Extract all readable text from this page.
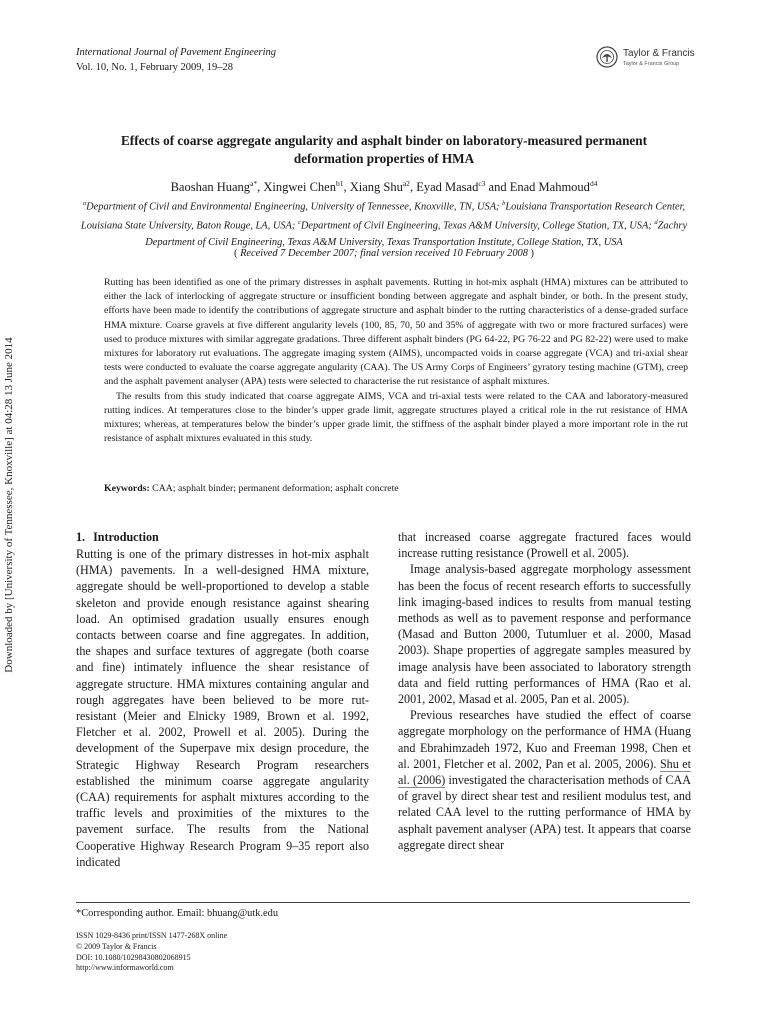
Downloaded by [University of Tennessee, Knoxville] at 04:28 13 June 2014
International Journal of Pavement Engineering
Vol. 10, No. 1, February 2009, 19–28
Taylor & Francis
Taylor & Francis Group
Effects of coarse aggregate angularity and asphalt binder on laboratory-measured permanent
deformation properties of HMA
Baoshan Huang$^{a*}$, Xingwei Chen$^{b1}$, Xiang Shu$^{a2}$, Eyad Masad$^{c3}$ and Enad Mahmoud$^{d4}$
$^a$Department of Civil and Environmental Engineering, University of Tennessee, Knoxville, TN, USA; $^b$Louisiana Transportation Research Center, Louisiana State University, Baton Rouge, LA, USA; $^c$Department of Civil Engineering, Texas A&M University, College Station, TX, USA; $^d$Zachry Department of Civil Engineering, Texas A&M University, Texas Transportation Institute, College Station, TX, USA
( Received 7 December 2007; final version received 10 February 2008 )

Rutting has been identified as one of the primary distresses in asphalt pavements. Rutting in hot-mix asphalt (HMA) mixtures can be attributed to either the lack of interlocking of aggregate structure or insufficient bonding between aggregate and asphalt binder, or both. In the present study, efforts have been made to identify the contributions of aggregate structure and asphalt binder to the rutting characteristics of a dense-graded surface HMA mixture. Coarse gravels at five different angularity levels (100, 85, 70, 50 and 35% of aggregate with two or more fractured surfaces) were used to produce mixtures with similar aggregate gradations. Three different asphalt binders (PG 64-22, PG 76-22 and PG 82-22) were used to make mixtures for laboratory rut evaluations. The aggregate imaging system (AIMS), uncompacted voids in coarse aggregate (VCA) and tri-axial shear tests were conducted to evaluate the coarse aggregate angularity (CAA). The US Army Corps of Engineers’ gyratory testing machine (GTM), creep and the asphalt pavement analyser (APA) tests were selected to characterise the rut resistance of asphalt mixtures.

The results from this study indicated that coarse aggregate AIMS, VCA and tri-axial tests were related to the CAA and laboratory-measured rutting indices. At temperatures close to the binder’s upper grade limit, aggregate structures played a critical role in the rut resistance of HMA mixtures; whereas, at temperatures below the binder’s upper grade limit, the stiffness of the asphalt binder played a more important role in the rut resistance of asphalt mixtures evaluated in this study.

Keywords: CAA; asphalt binder; permanent deformation; asphalt concrete
1. Introduction

Rutting is one of the primary distresses in hot-mix asphalt (HMA) pavements. In a well-designed HMA mixture, aggregate should be well-proportioned to develop a stable skeleton and provide enough resistance against shearing load. An optimised gradation usually ensures enough contacts between coarse and fine aggregates. In addition, the shapes and surface textures of aggregate (both coarse and fine) intimately influence the shear resistance of aggregate structure. HMA mixtures containing angular and rough aggregates have been believed to be more rut-resistant (Meier and Elnicky 1989, Brown et al. 1992, Fletcher et al. 2002, Prowell et al. 2005). During the development of the Superpave mix design procedure, the Strategic Highway Research Program researchers established the minimum coarse aggregate angularity (CAA) requirements for asphalt mixtures according to the traffic levels and proximities of the mixtures to the pavement surface. The results from the National Cooperative Highway Research Program 9–35 report also indicated

that increased coarse aggregate fractured faces would increase rutting resistance (Prowell et al. 2005).

Image analysis-based aggregate morphology assessment has been the focus of recent research efforts to successfully link imaging-based indices to results from manual testing methods as well as to pavement response and performance (Masad and Button 2000, Tutumluer et al. 2000, Masad 2003). Shape properties of aggregate samples measured by image analysis have been associated to laboratory strength data and field rutting performances of HMA (Rao et al. 2001, 2002, Masad et al. 2005, Pan et al. 2005).

Previous researches have studied the effect of coarse aggregate morphology on the performance of HMA (Huang and Ebrahimzadeh 1972, Kuo and Freeman 1998, Chen et al. 2001, Fletcher et al. 2002, Pan et al. 2005, 2006). Shu et al. (2006) investigated the characterisation methods of CAA of gravel by direct shear test and resilient modulus test, and related CAA level to the rutting performance of HMA by asphalt pavement analyser (APA) test. It appears that coarse aggregate direct shear

*Corresponding author. Email: bhuang@utk.edu
ISSN 1029-8436 print/ISSN 1477-268X online
© 2009 Taylor & Francis
DOI: 10.1080/10298430802068915
http://www.informaworld.com
